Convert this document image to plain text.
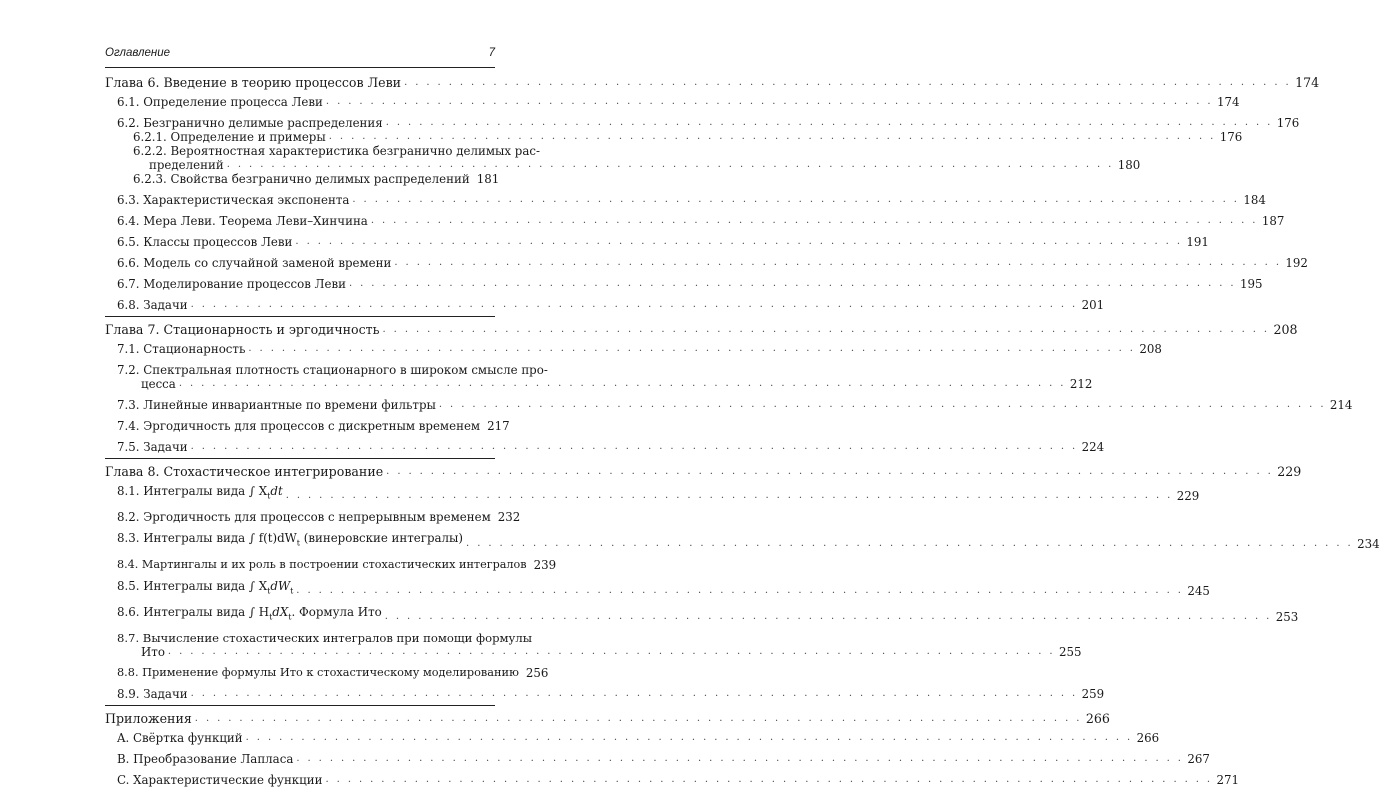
Оглавление	7
Глава 6. Введение в теорию процессов Леви . . . . . . . . . . . . . . . . . . . . . . . . . . . . . . . . . . . . . . . . . . . . . . . . . . . . . . . . . . . . . . . . . . . . . . . . . . . . . . . . 174
6.1. Определение процесса Леви . . . . . . . . . . . . . . . . . . . . . . . . . . . . . . . . . . . . . . . . . . . . . . . . . . . . . . . . . . . . . . . . . . . . . . . . . . . . . . . . 174
6.2. Безгранично делимые распределения . . . . . . . . . . . . . . . . . . . . . . . . . . . . . . . . . . . . . . . . . . . . . . . . . . . . . . . . . . . . . . . . . . . . . . . . . . . . . . . . 176
6.2.1. Определение и примеры . . . . . . . . . . . . . . . . . . . . . . . . . . . . . . . . . . . . . . . . . . . . . . . . . . . . . . . . . . . . . . . . . . . . . . . . . . . . . . . . 176
6.2.2. Вероятностная характеристика безгранично делимых рас-
пределений . . . . . . . . . . . . . . . . . . . . . . . . . . . . . . . . . . . . . . . . . . . . . . . . . . . . . . . . . . . . . . . . . . . . . . . . . . . . . . . . 180
6.2.3. Свойства безгранично делимых распределений 181
6.3. Характеристическая экспонента . . . . . . . . . . . . . . . . . . . . . . . . . . . . . . . . . . . . . . . . . . . . . . . . . . . . . . . . . . . . . . . . . . . . . . . . . . . . . . . . 184
6.4. Мера Леви. Теорема Леви–Хинчина . . . . . . . . . . . . . . . . . . . . . . . . . . . . . . . . . . . . . . . . . . . . . . . . . . . . . . . . . . . . . . . . . . . . . . . . . . . . . . . . 187
6.5. Классы процессов Леви . . . . . . . . . . . . . . . . . . . . . . . . . . . . . . . . . . . . . . . . . . . . . . . . . . . . . . . . . . . . . . . . . . . . . . . . . . . . . . . . 191
6.6. Модель со случайной заменой времени . . . . . . . . . . . . . . . . . . . . . . . . . . . . . . . . . . . . . . . . . . . . . . . . . . . . . . . . . . . . . . . . . . . . . . . . . . . . . . . . 192
6.7. Моделирование процессов Леви . . . . . . . . . . . . . . . . . . . . . . . . . . . . . . . . . . . . . . . . . . . . . . . . . . . . . . . . . . . . . . . . . . . . . . . . . . . . . . . . 195
6.8. Задачи . . . . . . . . . . . . . . . . . . . . . . . . . . . . . . . . . . . . . . . . . . . . . . . . . . . . . . . . . . . . . . . . . . . . . . . . . . . . . . . . 201
Глава 7. Стационарность и эргодичность . . . . . . . . . . . . . . . . . . . . . . . . . . . . . . . . . . . . . . . . . . . . . . . . . . . . . . . . . . . . . . . . . . . . . . . . . . . . . . . . 208
7.1. Стационарность . . . . . . . . . . . . . . . . . . . . . . . . . . . . . . . . . . . . . . . . . . . . . . . . . . . . . . . . . . . . . . . . . . . . . . . . . . . . . . . . 208
7.2. Спектральная плотность стационарного в широком смысле про-
цесса . . . . . . . . . . . . . . . . . . . . . . . . . . . . . . . . . . . . . . . . . . . . . . . . . . . . . . . . . . . . . . . . . . . . . . . . . . . . . . . . 212
7.3. Линейные инвариантные по времени фильтры . . . . . . . . . . . . . . . . . . . . . . . . . . . . . . . . . . . . . . . . . . . . . . . . . . . . . . . . . . . . . . . . . . . . . . . . . . . . . . . . 214
7.4. Эргодичность для процессов с дискретным временем 217
7.5. Задачи . . . . . . . . . . . . . . . . . . . . . . . . . . . . . . . . . . . . . . . . . . . . . . . . . . . . . . . . . . . . . . . . . . . . . . . . . . . . . . . . 224
Глава 8. Стохастическое интегрирование . . . . . . . . . . . . . . . . . . . . . . . . . . . . . . . . . . . . . . . . . . . . . . . . . . . . . . . . . . . . . . . . . . . . . . . . . . . . . . . . 229
8.1. Интегралы вида ∫ $X_tdt$ . . . . . . . . . . . . . . . . . . . . . . . . . . . . . . . . . . . . . . . . . . . . . . . . . . . . . . . . . . . . . . . . . . . . . . . . . . . . . . . . 229
8.2. Эргодичность для процессов с непрерывным временем 232
8.3. Интегралы вида ∫ $f(t)dW_t$ (винеровские интегралы) . . . . . . . . . . . . . . . . . . . . . . . . . . . . . . . . . . . . . . . . . . . . . . . . . . . . . . . . . . . . . . . . . . . . . . . . . . . . . . . . 234
8.4. Мартингалы и их роль в построении стохастических интегралов 239
8.5. Интегралы вида ∫ $X_tdW_t$ . . . . . . . . . . . . . . . . . . . . . . . . . . . . . . . . . . . . . . . . . . . . . . . . . . . . . . . . . . . . . . . . . . . . . . . . . . . . . . . . 245
8.6. Интегралы вида ∫ $H_tdX_t$. Формула Ито . . . . . . . . . . . . . . . . . . . . . . . . . . . . . . . . . . . . . . . . . . . . . . . . . . . . . . . . . . . . . . . . . . . . . . . . . . . . . . . . 253
8.7. Вычисление стохастических интегралов при помощи формулы
Ито . . . . . . . . . . . . . . . . . . . . . . . . . . . . . . . . . . . . . . . . . . . . . . . . . . . . . . . . . . . . . . . . . . . . . . . . . . . . . . . . 255
8.8. Применение формулы Ито к стохастическому моделированию 256
8.9. Задачи . . . . . . . . . . . . . . . . . . . . . . . . . . . . . . . . . . . . . . . . . . . . . . . . . . . . . . . . . . . . . . . . . . . . . . . . . . . . . . . . 259
Приложения . . . . . . . . . . . . . . . . . . . . . . . . . . . . . . . . . . . . . . . . . . . . . . . . . . . . . . . . . . . . . . . . . . . . . . . . . . . . . . . . 266
A. Свёртка функций . . . . . . . . . . . . . . . . . . . . . . . . . . . . . . . . . . . . . . . . . . . . . . . . . . . . . . . . . . . . . . . . . . . . . . . . . . . . . . . . 266
B. Преобразование Лапласа . . . . . . . . . . . . . . . . . . . . . . . . . . . . . . . . . . . . . . . . . . . . . . . . . . . . . . . . . . . . . . . . . . . . . . . . . . . . . . . . 267
C. Характеристические функции . . . . . . . . . . . . . . . . . . . . . . . . . . . . . . . . . . . . . . . . . . . . . . . . . . . . . . . . . . . . . . . . . . . . . . . . . . . . . . . . 271
